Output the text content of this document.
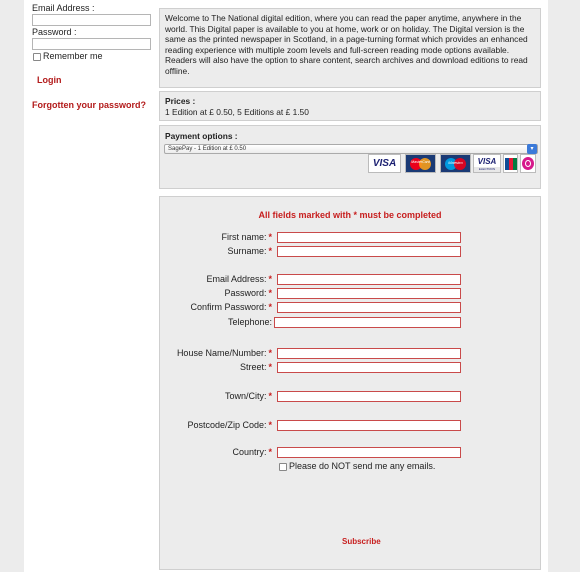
Email Address :
Password :
Remember me
Login
Forgotten your password?
Welcome to The National digital edition, where you can read the paper anytime, anywhere in the world. This Digital paper is available to you at home, work or on holiday. The Digital version is the same as the printed newspaper in Scotland, in a page-turning format which provides an enhanced reading experience with multiple zoom levels and full-screen reading mode options available. Readers will also have the option to share content, search archives and download editions to read offline.
Prices :
1 Edition at £ 0.50, 5 Editions at £ 1.50
Payment options :
SagePay - 1 Edition at £ 0.50	▾
VISA	MasterCard	Maestro	VISA
ELECTRON
All fields marked with * must be completed
First name: *
Surname: *
Email Address: *
Password: *
Confirm Password: *
Telephone:
House Name/Number: *
Street: *
Town/City: *
Postcode/Zip Code: *
Country: *
Please do NOT send me any emails.
Subscribe
